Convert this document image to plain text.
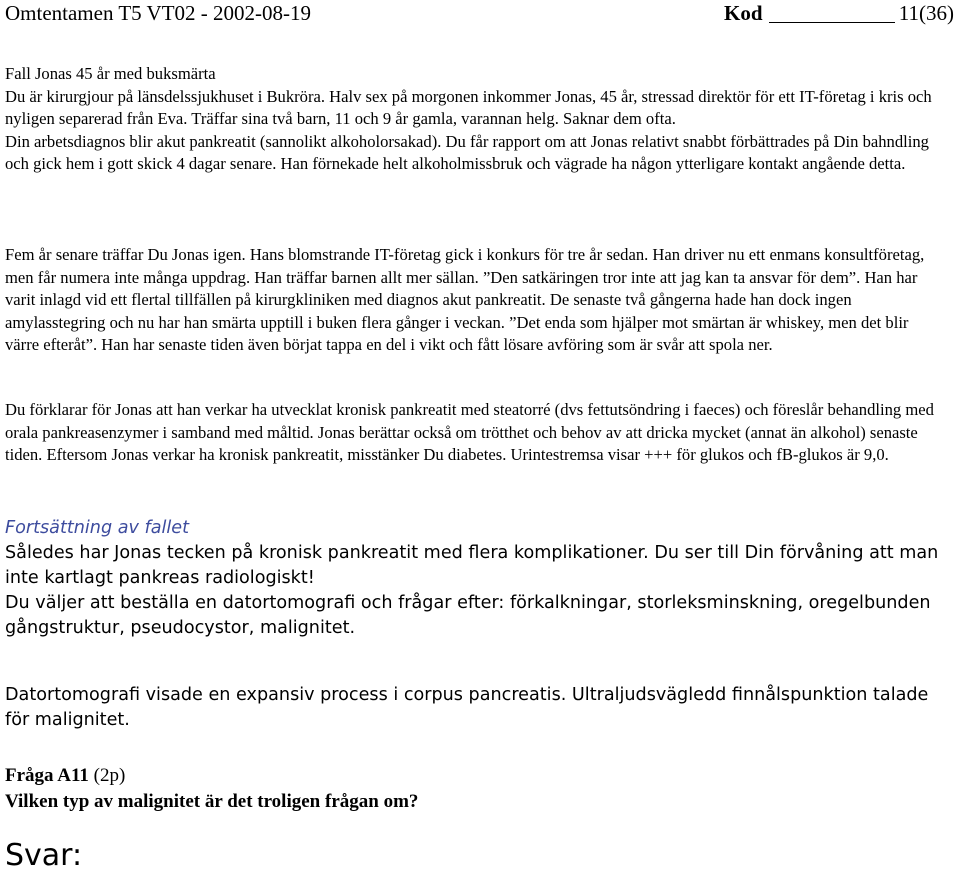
Omtentamen T5 VT02 - 2002-08-19	Kod	11(36)

Fall Jonas 45 år med buksmärta

Du är kirurgjour på länsdelssjukhuset i Bukröra. Halv sex på morgonen inkommer Jonas, 45 år, stressad direktör för ett IT-företag i kris och nyligen separerad från Eva. Träffar sina två barn, 11 och 9 år gamla, varannan helg. Saknar dem ofta.

Din arbetsdiagnos blir akut pankreatit (sannolikt alkoholorsakad). Du får rapport om att Jonas relativt snabbt förbättrades på Din bahndling och gick hem i gott skick 4 dagar senare. Han förnekade helt alkoholmissbruk och vägrade ha någon ytterligare kontakt angående detta.

Fem år senare träffar Du Jonas igen. Hans blomstrande IT-företag gick i konkurs för tre år sedan. Han driver nu ett enmans konsultföretag, men får numera inte många uppdrag. Han träffar barnen allt mer sällan. ”Den satkäringen tror inte att jag kan ta ansvar för dem”. Han har varit inlagd vid ett flertal tillfällen på kirurgkliniken med diagnos akut pankreatit. De senaste två gångerna hade han dock ingen amylasstegring och nu har han smärta upptill i buken flera gånger i veckan. ”Det enda som hjälper mot smärtan är whiskey, men det blir värre efteråt”. Han har senaste tiden även börjat tappa en del i vikt och fått lösare avföring som är svår att spola ner.

Du förklarar för Jonas att han verkar ha utvecklat kronisk pankreatit med steatorré (dvs fettutsöndring i faeces) och föreslår behandling med orala pankreasenzymer i samband med måltid. Jonas berättar också om trötthet och behov av att dricka mycket (annat än alkohol) senaste tiden. Eftersom Jonas verkar ha kronisk pankreatit, misstänker Du diabetes. Urintestremsa visar +++ för glukos och fB-glukos är 9,0.

Fortsättning av fallet

Således har Jonas tecken på kronisk pankreatit med flera komplikationer. Du ser till Din förvåning att man inte kartlagt pankreas radiologiskt!

Du väljer att beställa en datortomografi och frågar efter: förkalkningar, storleksminskning, oregelbunden gångstruktur, pseudocystor, malignitet.

Datortomografi visade en expansiv process i corpus pancreatis. Ultraljudsvägledd finnålspunktion talade för malignitet.

Fråga A11 (2p)
Vilken typ av malignitet är det troligen frågan om?
Svar:
